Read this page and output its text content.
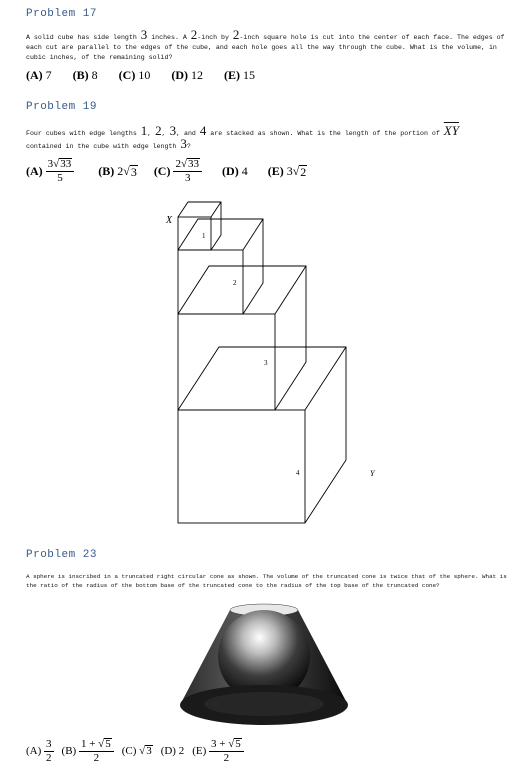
Problem 17
A solid cube has side length 3 inches. A 2-inch by 2-inch square hole is cut into the center of each face. The edges of each cut are parallel to the edges of the cube, and each hole goes all the way through the cube. What is the volume, in cubic inches, of the remaining solid?
(A) 7 (B) 8 (C) 10 (D) 12 (E) 15
Problem 19
Four cubes with edge lengths 1, 2, 3, and 4 are stacked as shown. What is the length of the portion of $\overline{XY}$
contained in the cube with edge length 3?
(A)
$\frac{3√33}{5} (B)$
2 √ 3 (C)
$\frac{2√33}{3} (D)$ 4 (E)
3 √ 2
X
Y
1
2
3
4
Problem 23
A sphere is inscribed in a truncated right circular cone as shown. The volume of the truncated cone is twice that of the sphere. What is the ratio of the radius of the bottom base of the truncated cone to the radius of the top base of the truncated cone?
(A)
$\frac{3}{2} (B)$
$\frac{1 + √5}{2} (C)$ √ 3 (D) 2 (E)
$\frac{3 + √5}{2}$
